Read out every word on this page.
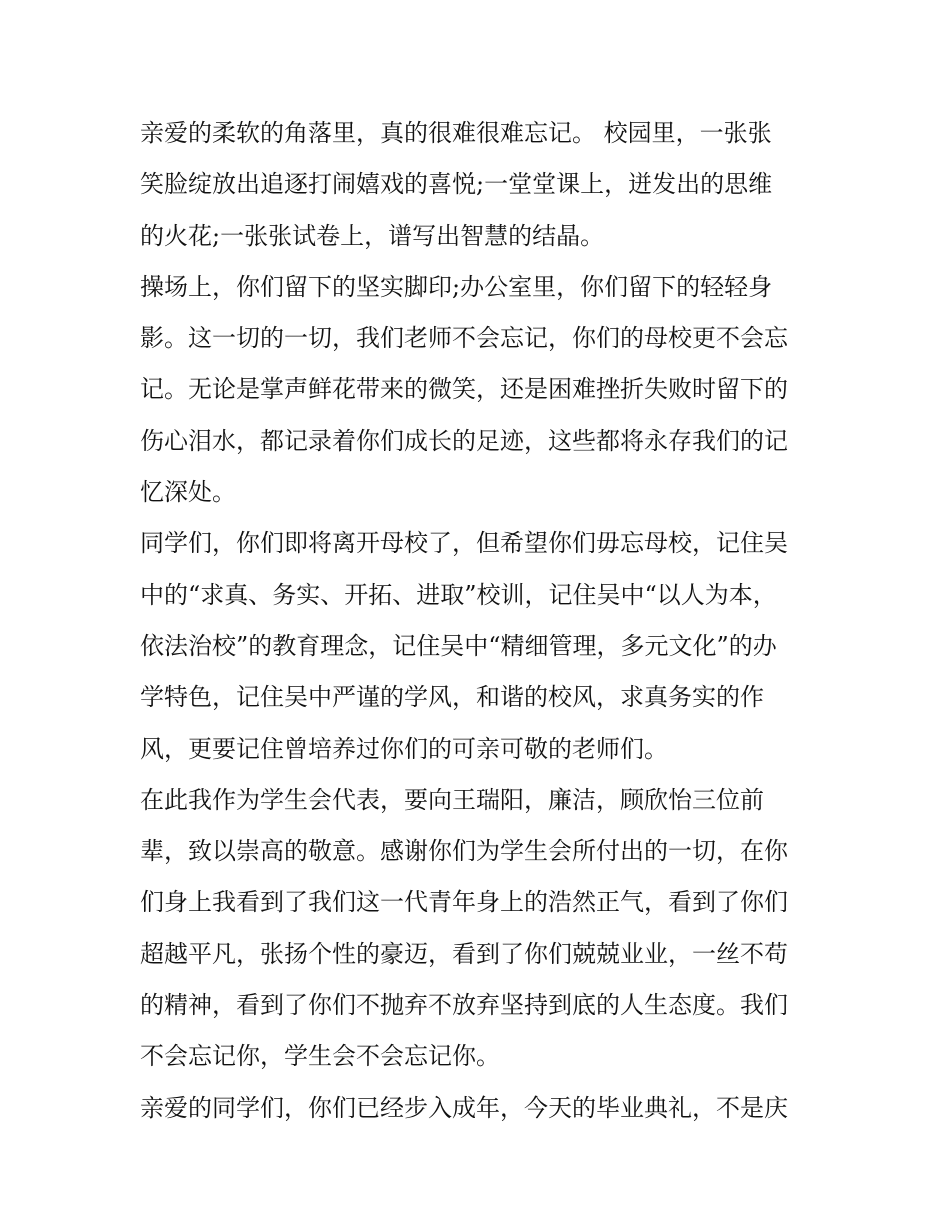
亲爱的柔软的角落里，真的很难很难忘记。 校园里，一张张
笑脸绽放出追逐打闹嬉戏的喜悦;一堂堂课上，迸发出的思维
的火花;一张张试卷上，谱写出智慧的结晶。
操场上，你们留下的坚实脚印;办公室里，你们留下的轻轻身
影。这一切的一切，我们老师不会忘记，你们的母校更不会忘
记。无论是掌声鲜花带来的微笑，还是困难挫折失败时留下的
伤心泪水，都记录着你们成长的足迹，这些都将永存我们的记
忆深处。
同学们，你们即将离开母校了，但希望你们毋忘母校，记住吴
中的“求真、务实、开拓、进取”校训，记住吴中“以人为本，
依法治校”的教育理念，记住吴中“精细管理，多元文化”的办
学特色，记住吴中严谨的学风，和谐的校风，求真务实的作
风，更要记住曾培养过你们的可亲可敬的老师们。
在此我作为学生会代表，要向王瑞阳，廉洁，顾欣怡三位前
辈，致以崇高的敬意。感谢你们为学生会所付出的一切，在你
们身上我看到了我们这一代青年身上的浩然正气，看到了你们
超越平凡，张扬个性的豪迈，看到了你们兢兢业业，一丝不苟
的精神，看到了你们不抛弃不放弃坚持到底的人生态度。我们
不会忘记你，学生会不会忘记你。
亲爱的同学们，你们已经步入成年，今天的毕业典礼，不是庆
